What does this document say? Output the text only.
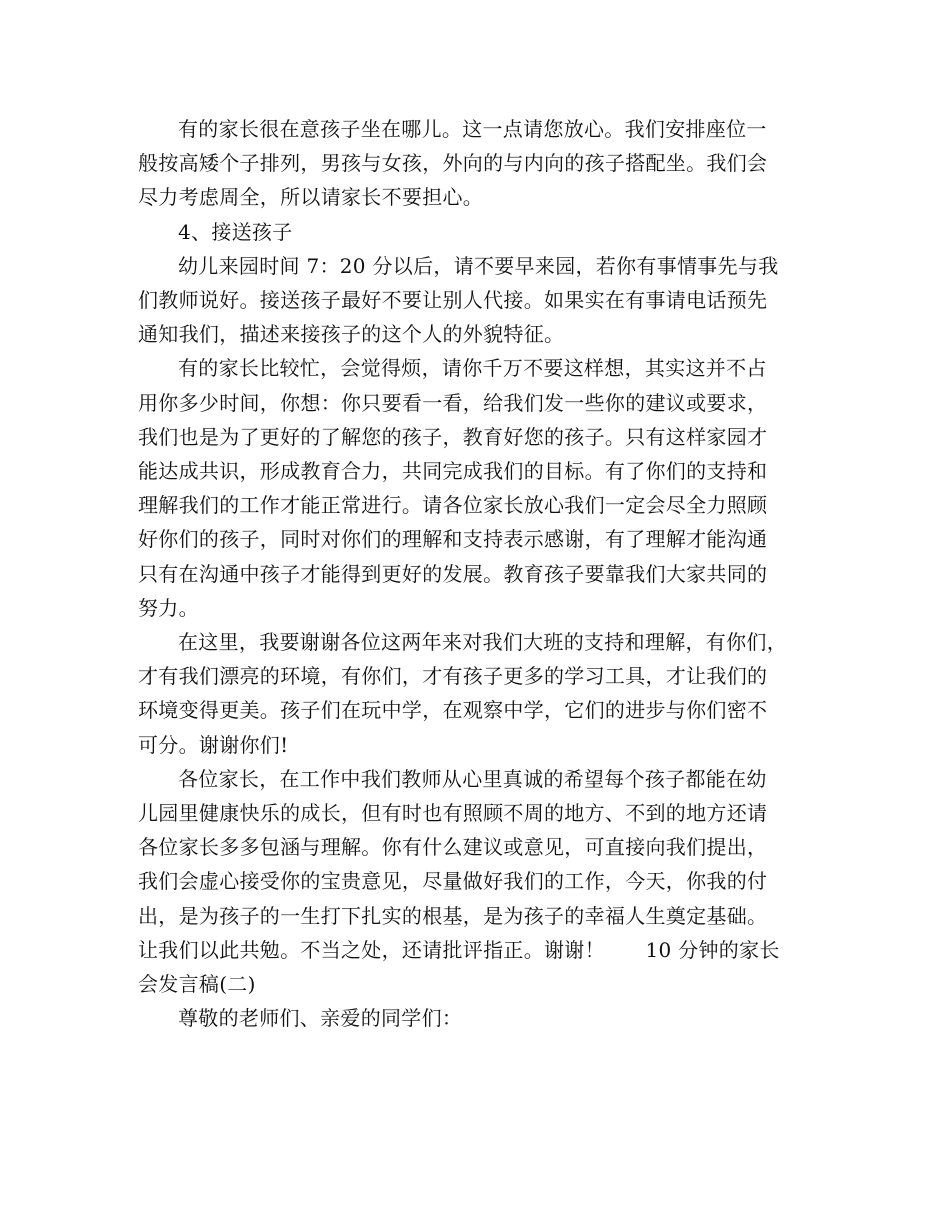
有的家长很在意孩子坐在哪儿。这一点请您放心。我们安排座位一
般按高矮个子排列，男孩与女孩，外向的与内向的孩子搭配坐。我们会
尽力考虑周全，所以请家长不要担心。

4、接送孩子

幼儿来园时间 7：20 分以后，请不要早来园，若你有事情事先与我
们教师说好。接送孩子最好不要让别人代接。如果实在有事请电话预先
通知我们，描述来接孩子的这个人的外貌特征。

有的家长比较忙，会觉得烦，请你千万不要这样想，其实这并不占
用你多少时间，你想：你只要看一看，给我们发一些你的建议或要求，
我们也是为了更好的了解您的孩子，教育好您的孩子。只有这样家园才
能达成共识，形成教育合力，共同完成我们的目标。有了你们的支持和
理解我们的工作才能正常进行。请各位家长放心我们一定会尽全力照顾
好你们的孩子，同时对你们的理解和支持表示感谢，有了理解才能沟通
只有在沟通中孩子才能得到更好的发展。教育孩子要靠我们大家共同的
努力。

在这里，我要谢谢各位这两年来对我们大班的支持和理解，有你们，
才有我们漂亮的环境，有你们，才有孩子更多的学习工具，才让我们的
环境变得更美。孩子们在玩中学，在观察中学，它们的进步与你们密不
可分。谢谢你们!

各位家长，在工作中我们教师从心里真诚的希望每个孩子都能在幼
儿园里健康快乐的成长，但有时也有照顾不周的地方、不到的地方还请
各位家长多多包涵与理解。你有什么建议或意见，可直接向我们提出，
我们会虚心接受你的宝贵意见，尽量做好我们的工作，今天，你我的付
出，是为孩子的一生打下扎实的根基，是为孩子的幸福人生奠定基础。
让我们以此共勉。不当之处，还请批评指正。谢谢！　　10 分钟的家长
会发言稿(二)

尊敬的老师们、亲爱的同学们：
